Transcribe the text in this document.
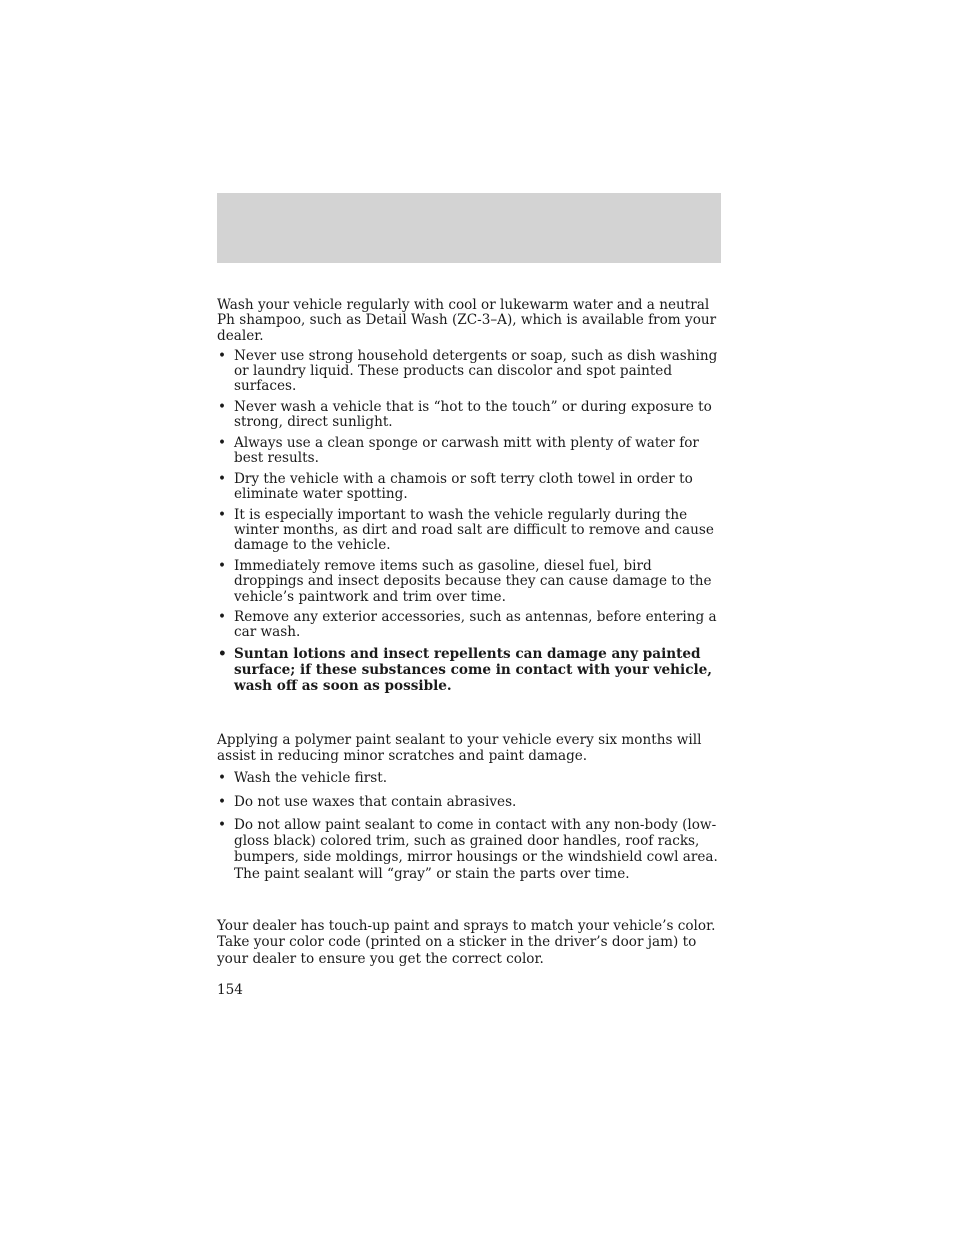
Wash your vehicle regularly with cool or lukewarm water and a neutral Ph shampoo, such as Detail Wash (ZC-3–A), which is available from your dealer.

• Never use strong household detergents or soap, such as dish washing or laundry liquid. These products can discolor and spot painted surfaces.
• Never wash a vehicle that is “hot to the touch” or during exposure to strong, direct sunlight.
• Always use a clean sponge or carwash mitt with plenty of water for best results.
• Dry the vehicle with a chamois or soft terry cloth towel in order to eliminate water spotting.
• It is especially important to wash the vehicle regularly during the winter months, as dirt and road salt are difficult to remove and cause damage to the vehicle.
• Immediately remove items such as gasoline, diesel fuel, bird droppings and insect deposits because they can cause damage to the vehicle’s paintwork and trim over time.
• Remove any exterior accessories, such as antennas, before entering a car wash.
• Suntan lotions and insect repellents can damage any painted surface; if these substances come in contact with your vehicle, wash off as soon as possible.

Applying a polymer paint sealant to your vehicle every six months will assist in reducing minor scratches and paint damage.

• Wash the vehicle first.
• Do not use waxes that contain abrasives.
• Do not allow paint sealant to come in contact with any non-body (low-gloss black) colored trim, such as grained door handles, roof racks, bumpers, side moldings, mirror housings or the windshield cowl area. The paint sealant will “gray” or stain the parts over time.

Your dealer has touch-up paint and sprays to match your vehicle’s color. Take your color code (printed on a sticker in the driver’s door jam) to your dealer to ensure you get the correct color.

154
